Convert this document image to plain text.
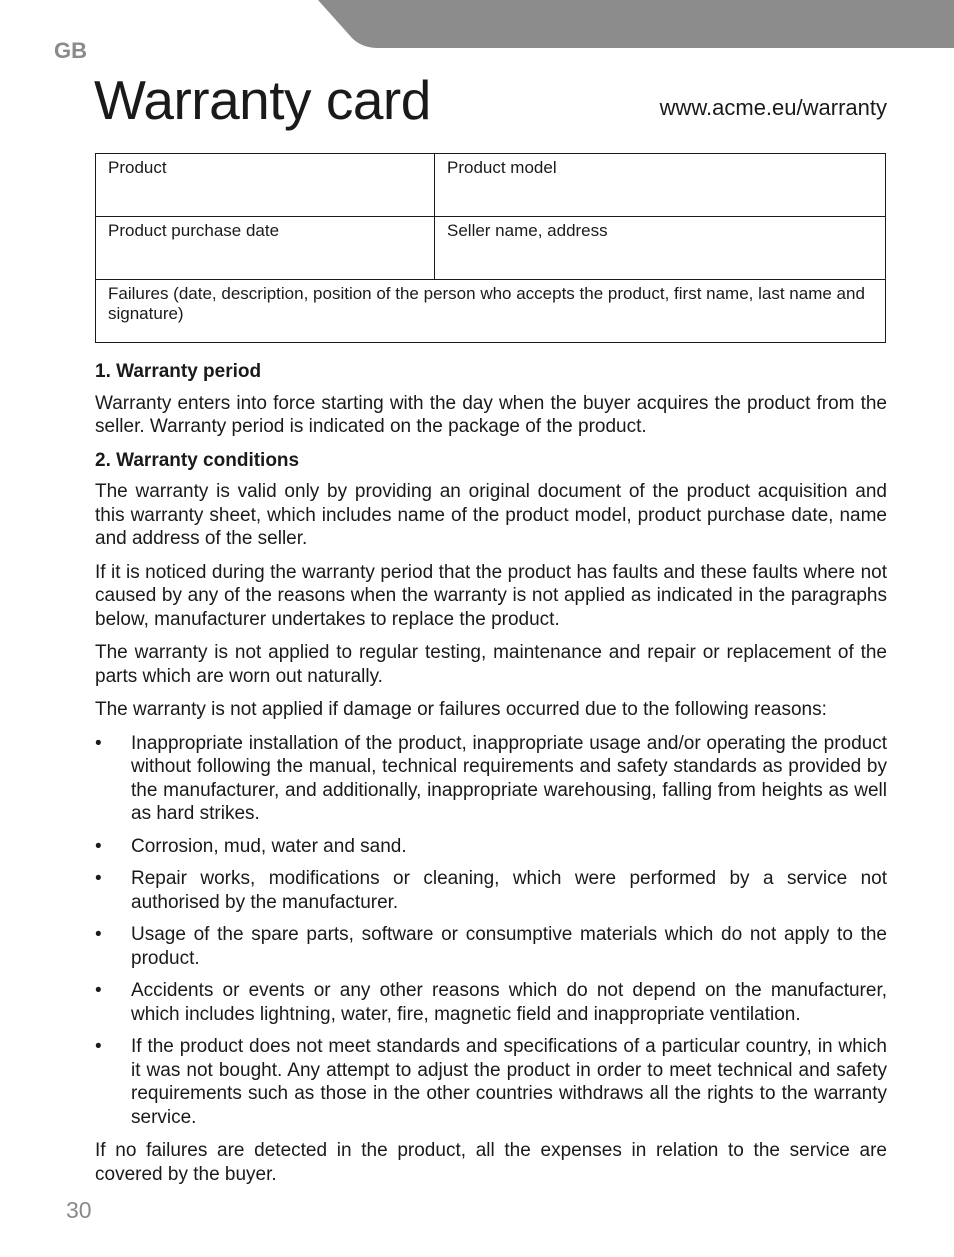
GB
Warranty card	www.acme.eu/warranty
Product	Product model
Product purchase date	Seller name, address
Failures (date, description, position of the person who accepts the product, first name, last name and signature)	
1. Warranty period

Warranty enters into force starting with the day when the buyer acquires the product from the seller. Warranty period is indicated on the package of the product.

2. Warranty conditions

The warranty is valid only by providing an original document of the product acquisition and this warranty sheet, which includes name of the product model, product purchase date, name and address of the seller.

If it is noticed during the warranty period that the product has faults and these faults where not caused by any of the reasons when the warranty is not applied as indicated in the paragraphs below, manufacturer undertakes to replace the product.

The warranty is not applied to regular testing, maintenance and repair or replacement of the parts which are worn out naturally.

The warranty is not applied if damage or failures occurred due to the following reasons:

• Inappropriate installation of the product, inappropriate usage and/or operating the product without following the manual, technical requirements and safety standards as provided by the manufacturer, and additionally, inappropriate warehousing, falling from heights as well as hard strikes.
• Corrosion, mud, water and sand.
• Repair works, modifications or cleaning, which were performed by a service not authorised by the manufacturer.
• Usage of the spare parts, software or consumptive materials which do not apply to the product.
• Accidents or events or any other reasons which do not depend on the manufacturer, which includes lightning, water, fire, magnetic field and inappropriate ventilation.
• If the product does not meet standards and specifications of a particular country, in which it was not bought. Any attempt to adjust the product in order to meet technical and safety requirements such as those in the other countries withdraws all the rights to the warranty service.

If no failures are detected in the product, all the expenses in relation to the service are covered by the buyer.

30
